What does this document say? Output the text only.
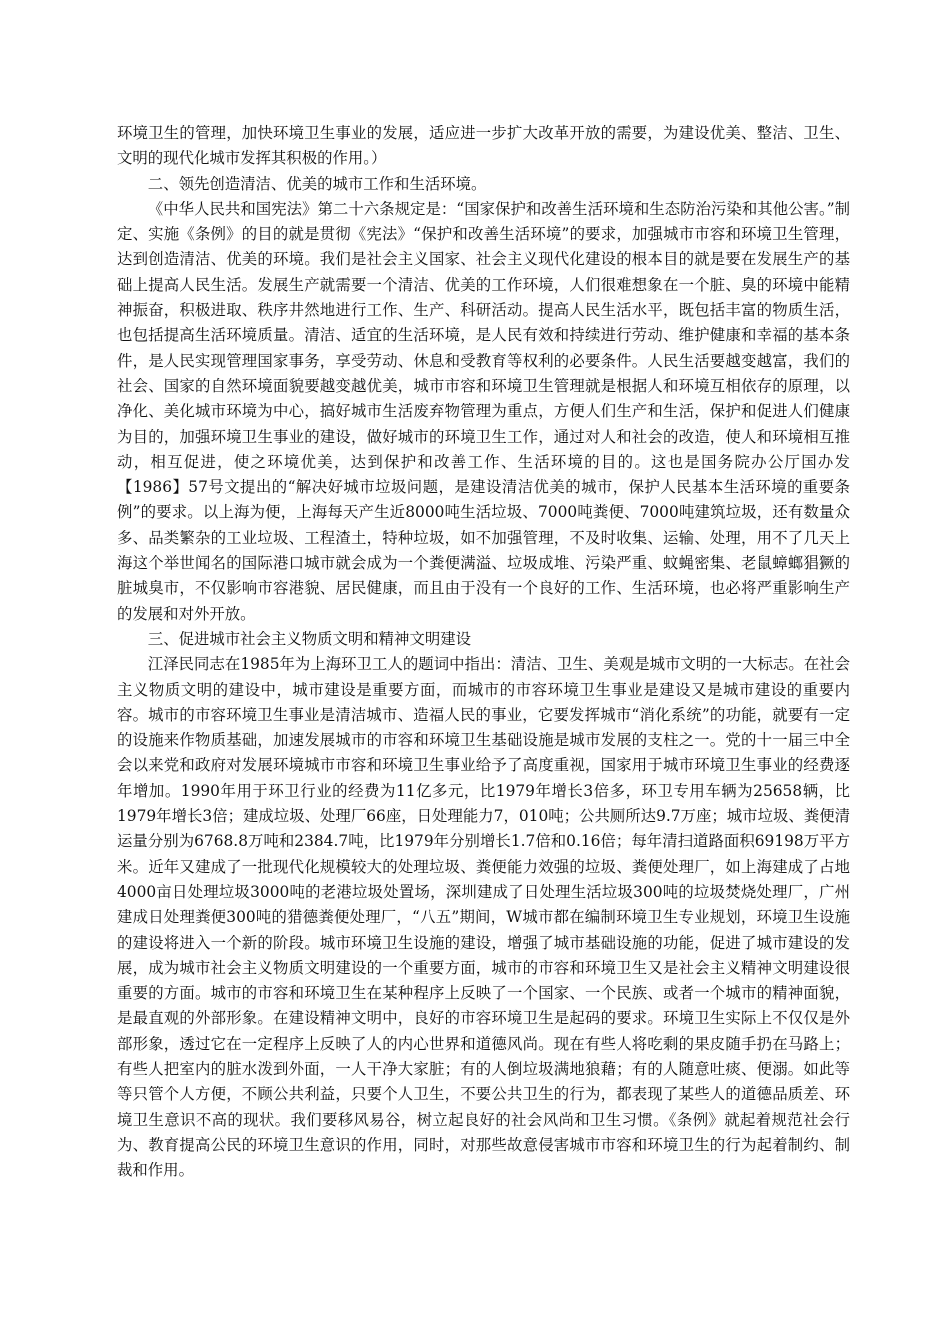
环境卫生的管理，加快环境卫生事业的发展，适应进一步扩大改革开放的需要，为建设优美、整洁、卫生、文明的现代化城市发挥其积极的作用。）

二、领先创造清洁、优美的城市工作和生活环境。

《中华人民共和国宪法》第二十六条规定是：“国家保护和改善生活环境和生态防治污染和其他公害。”制定、实施《条例》的目的就是贯彻《宪法》“保护和改善生活环境”的要求，加强城市市容和环境卫生管理，达到创造清洁、优美的环境。我们是社会主义国家、社会主义现代化建设的根本目的就是要在发展生产的基础上提高人民生活。发展生产就需要一个清洁、优美的工作环境，人们很难想象在一个脏、臭的环境中能精神振奋，积极进取、秩序井然地进行工作、生产、科研活动。提高人民生活水平，既包括丰富的物质生活，也包括提高生活环境质量。清洁、适宜的生活环境，是人民有效和持续进行劳动、维护健康和幸福的基本条件，是人民实现管理国家事务，享受劳动、休息和受教育等权利的必要条件。人民生活要越变越富，我们的社会、国家的自然环境面貌要越变越优美，城市市容和环境卫生管理就是根据人和环境互相依存的原理，以净化、美化城市环境为中心，搞好城市生活废弃物管理为重点，方便人们生产和生活，保护和促进人们健康为目的，加强环境卫生事业的建设，做好城市的环境卫生工作，通过对人和社会的改造，使人和环境相互推动，相互促进，使之环境优美，达到保护和改善工作、生活环境的目的。这也是国务院办公厅国办发【1986】57号文提出的“解决好城市垃圾问题，是建设清洁优美的城市，保护人民基本生活环境的重要条例”的要求。以上海为便，上海每天产生近8000吨生活垃圾、7000吨粪便、7000吨建筑垃圾，还有数量众多、品类繁杂的工业垃圾、工程渣土，特种垃圾，如不加强管理，不及时收集、运输、处理，用不了几天上海这个举世闻名的国际港口城市就会成为一个粪便满溢、垃圾成堆、污染严重、蚊蝇密集、老鼠蟑螂猖獗的脏城臭市，不仅影响市容港貌、居民健康，而且由于没有一个良好的工作、生活环境，也必将严重影响生产的发展和对外开放。

三、促进城市社会主义物质文明和精神文明建设

江泽民同志在1985年为上海环卫工人的题词中指出：清洁、卫生、美观是城市文明的一大标志。在社会主义物质文明的建设中，城市建设是重要方面，而城市的市容环境卫生事业是建设又是城市建设的重要内容。城市的市容环境卫生事业是清洁城市、造福人民的事业，它要发挥城市“消化系统”的功能，就要有一定的设施来作物质基础，加速发展城市的市容和环境卫生基础设施是城市发展的支柱之一。党的十一届三中全会以来党和政府对发展环境城市市容和环境卫生事业给予了高度重视，国家用于城市环境卫生事业的经费逐年增加。1990年用于环卫行业的经费为11亿多元，比1979年增长3倍多，环卫专用车辆为25658辆，比1979年增长3倍；建成垃圾、处理厂66座，日处理能力7，010吨；公共厕所达9.7万座；城市垃圾、粪便清运量分别为6768.8万吨和2384.7吨，比1979年分别增长1.7倍和0.16倍；每年清扫道路面积69198万平方米。近年又建成了一批现代化规模较大的处理垃圾、粪便能力效强的垃圾、粪便处理厂，如上海建成了占地4000亩日处理垃圾3000吨的老港垃圾处置场，深圳建成了日处理生活垃圾300吨的垃圾焚烧处理厂，广州建成日处理粪便300吨的猎德粪便处理厂，“八五”期间，W城市都在编制环境卫生专业规划，环境卫生设施的建设将进入一个新的阶段。城市环境卫生设施的建设，增强了城市基础设施的功能，促进了城市建设的发展，成为城市社会主义物质文明建设的一个重要方面，城市的市容和环境卫生又是社会主义精神文明建设很重要的方面。城市的市容和环境卫生在某种程序上反映了一个国家、一个民族、或者一个城市的精神面貌，是最直观的外部形象。在建设精神文明中，良好的市容环境卫生是起码的要求。环境卫生实际上不仅仅是外部形象，透过它在一定程序上反映了人的内心世界和道德风尚。现在有些人将吃剩的果皮随手扔在马路上；有些人把室内的脏水泼到外面，一人干净大家脏；有的人倒垃圾满地狼藉；有的人随意吐痰、便溺。如此等等只管个人方便，不顾公共利益，只要个人卫生，不要公共卫生的行为，都表现了某些人的道德品质差、环境卫生意识不高的现状。我们要移风易谷，树立起良好的社会风尚和卫生习惯。《条例》就起着规范社会行为、教育提高公民的环境卫生意识的作用，同时，对那些故意侵害城市市容和环境卫生的行为起着制约、制裁和作用。
